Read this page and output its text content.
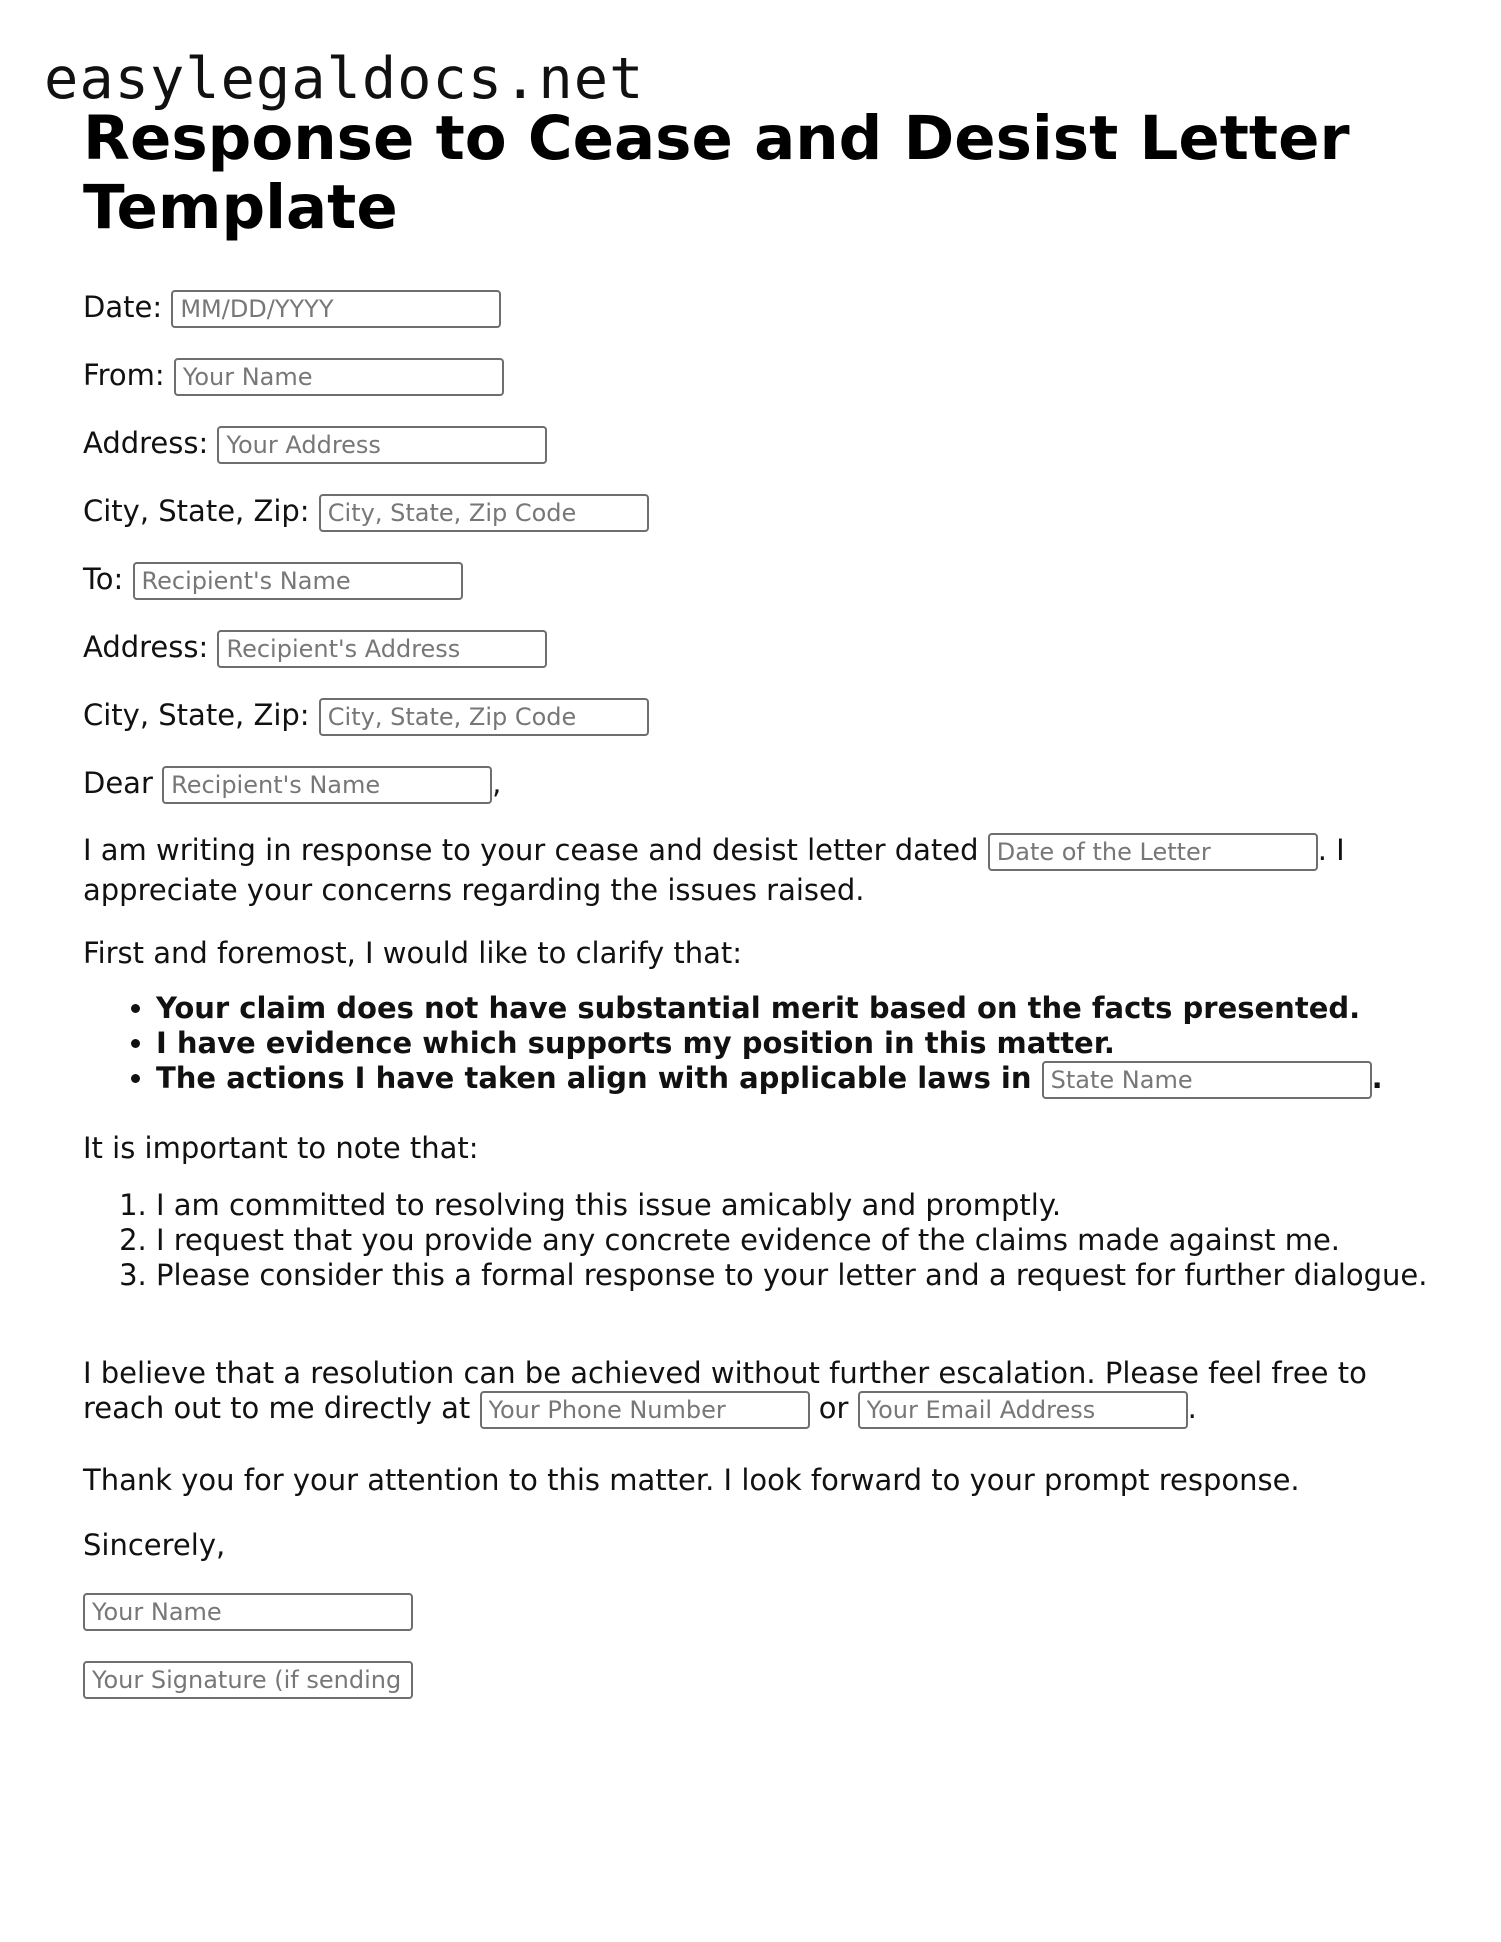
easylegaldocs.net
Response to Cease and Desist Letter Template
Date: MM/DD/YYYY
From: Your Name
Address: Your Address
City, State, Zip: City, State, Zip Code
To: Recipient's Name
Address: Recipient's Address
City, State, Zip: City, State, Zip Code
Dear Recipient's Name	,
I am writing in response to your cease and desist letter dated Date of the Letter	. I
appreciate your concerns regarding the issues raised.

First and foremost, I would like to clarify that:

• Your claim does not have substantial merit based on the facts presented.
• I have evidence which supports my position in this matter.
• The actions I have taken align with applicable laws in State Name	.

It is important to note that:

1. I am committed to resolving this issue amicably and promptly.
2. I request that you provide any concrete evidence of the claims made against me.
3. Please consider this a formal response to your letter and a request for further dialogue.
I believe that a resolution can be achieved without further escalation. Please feel free to
reach out to me directly at Your Phone Number	or Your Email Address	.

Thank you for your attention to this matter. I look forward to your prompt response.

Sincerely,

Your Name
Your Signature (if sending a hard copy)
